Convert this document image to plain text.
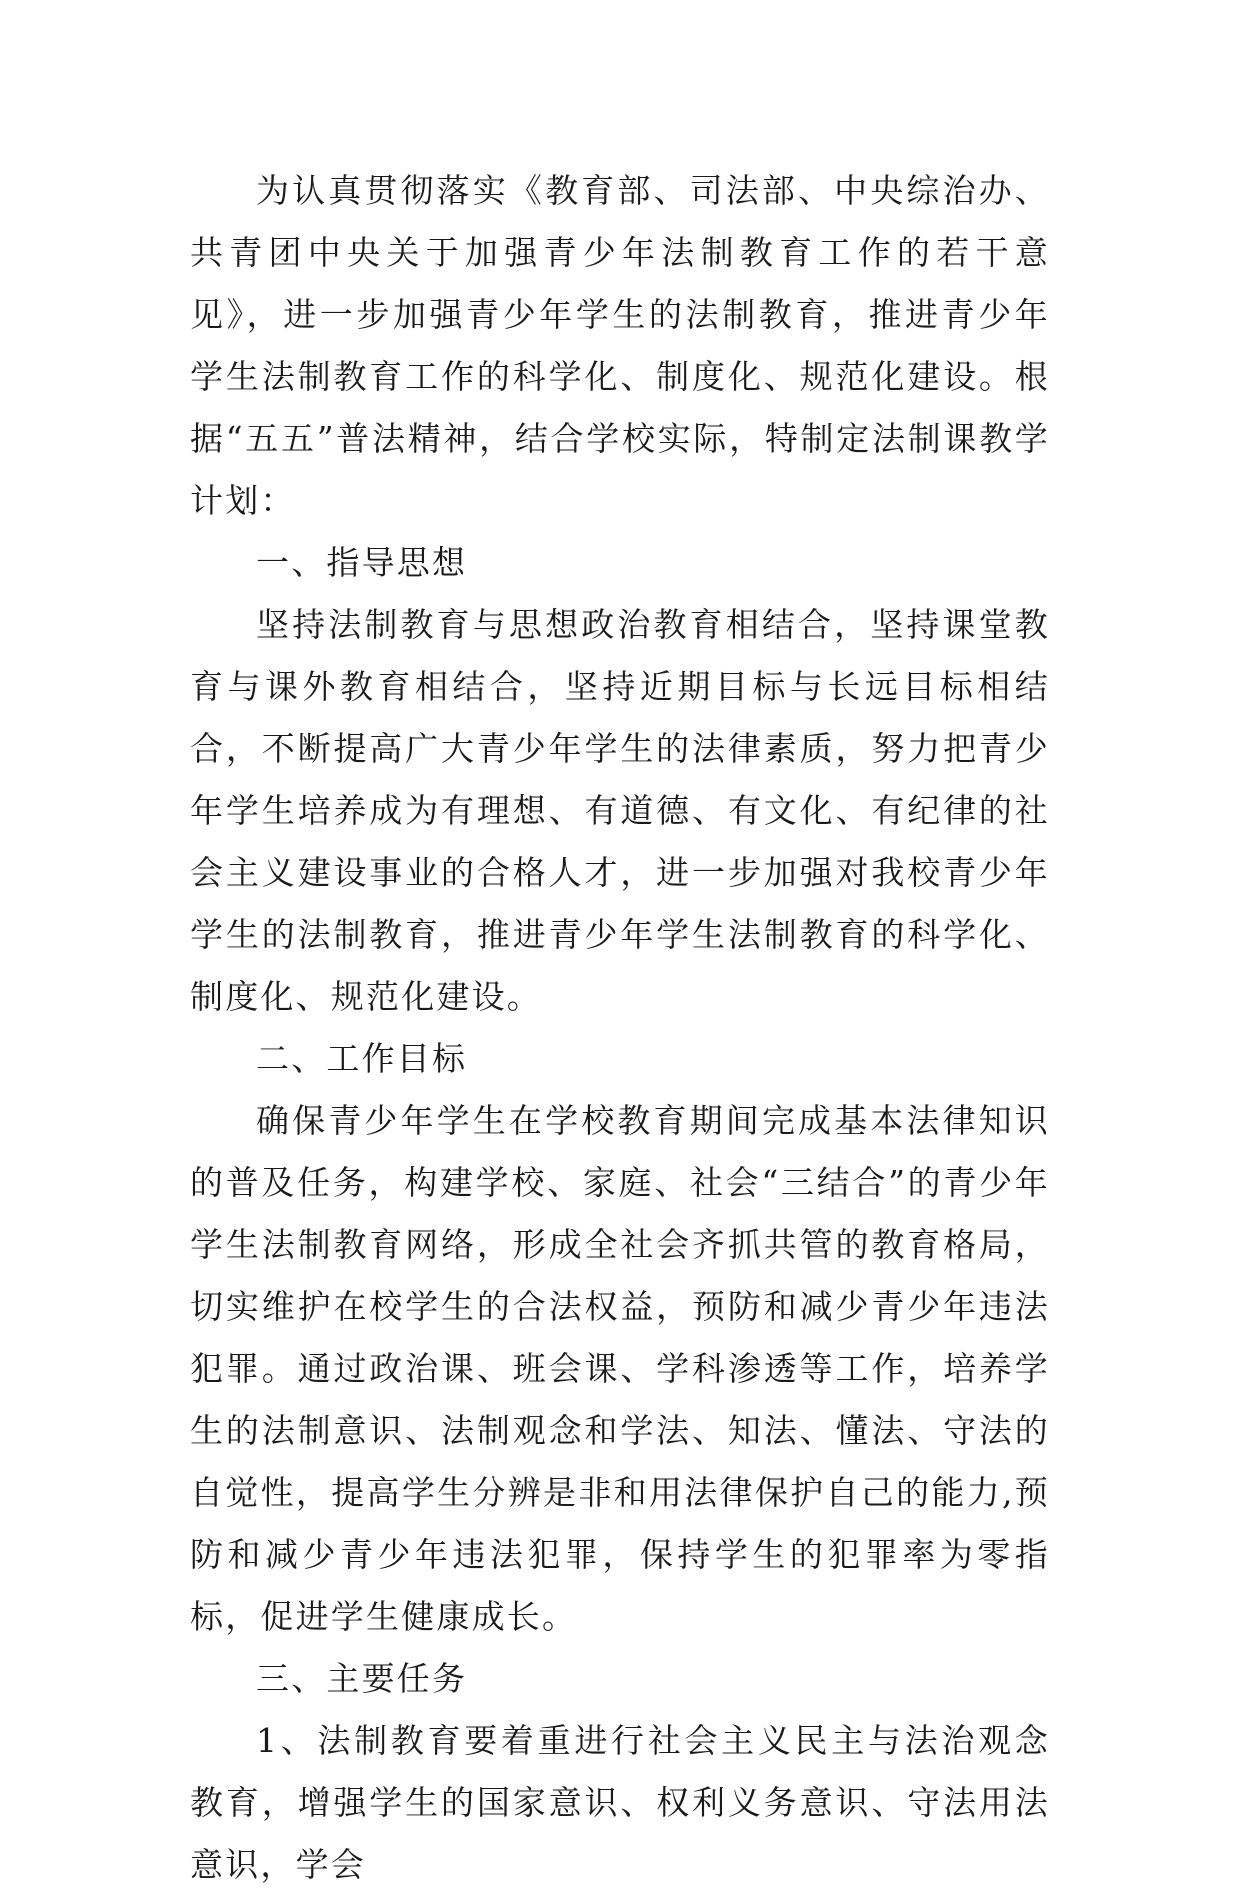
为认真贯彻落实《教育部、司法部、中央综治办、共青团中央关于加强青少年法制教育工作的若干意见》，进一步加强青少年学生的法制教育，推进青少年学生法制教育工作的科学化、制度化、规范化建设。根据“五五”普法精神，结合学校实际，特制定法制课教学计划：

一、指导思想

坚持法制教育与思想政治教育相结合，坚持课堂教育与课外教育相结合，坚持近期目标与长远目标相结合，不断提高广大青少年学生的法律素质，努力把青少年学生培养成为有理想、有道德、有文化、有纪律的社会主义建设事业的合格人才，进一步加强对我校青少年学生的法制教育，推进青少年学生法制教育的科学化、制度化、规范化建设。

二、工作目标

确保青少年学生在学校教育期间完成基本法律知识的普及任务，构建学校、家庭、社会“三结合”的青少年学生法制教育网络，形成全社会齐抓共管的教育格局，切实维护在校学生的合法权益，预防和减少青少年违法犯罪。通过政治课、班会课、学科渗透等工作，培养学生的法制意识、法制观念和学法、知法、懂法、守法的自觉性，提高学生分辨是非和用法律保护自己的能力,预防和减少青少年违法犯罪，保持学生的犯罪率为零指标，促进学生健康成长。

三、主要任务

1、法制教育要着重进行社会主义民主与法治观念教育，增强学生的国家意识、权利义务意识、守法用法意识，学会
